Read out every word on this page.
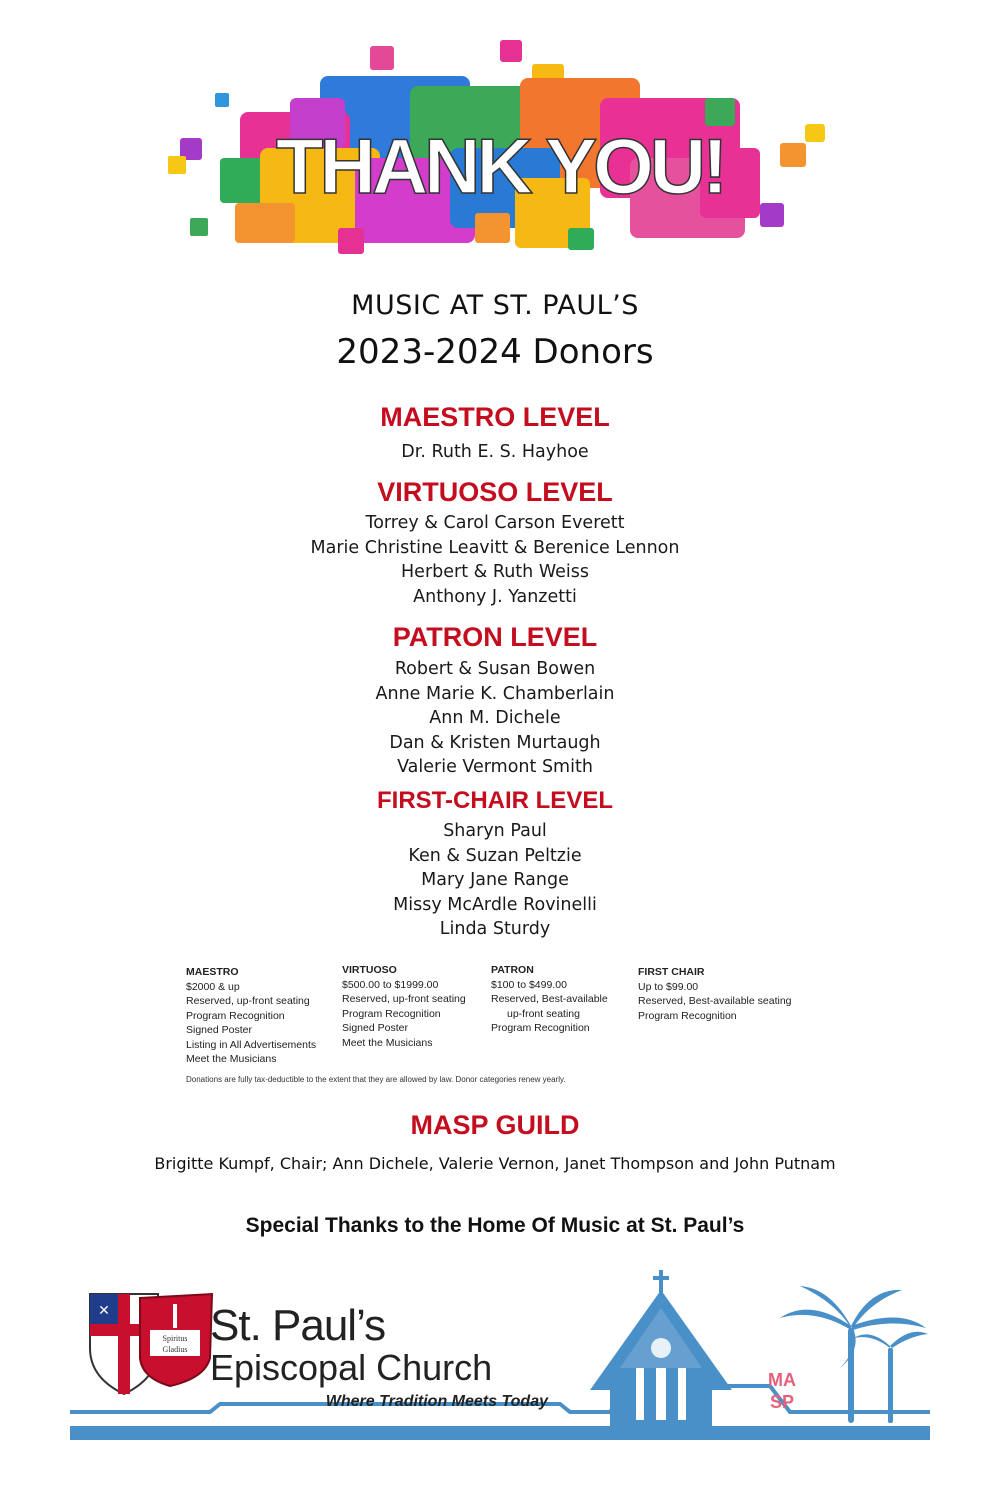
THANK YOU!
MUSIC AT ST. PAUL’S
2023-2024 Donors
MAESTRO LEVEL
Dr. Ruth E. S. Hayhoe
VIRTUOSO LEVEL
Torrey & Carol Carson Everett
Marie Christine Leavitt & Berenice Lennon
Herbert & Ruth Weiss
Anthony J. Yanzetti
PATRON LEVEL
Robert & Susan Bowen
Anne Marie K. Chamberlain
Ann M. Dichele
Dan & Kristen Murtaugh
Valerie Vermont Smith
FIRST-CHAIR LEVEL
Sharyn Paul
Ken & Suzan Peltzie
Mary Jane Range
Missy McArdle Rovinelli
Linda Sturdy
MAESTRO
$2000 & up
Reserved, up-front seating
Program Recognition
Signed Poster
Listing in All Advertisements
Meet the Musicians
VIRTUOSO
$500.00 to $1999.00
Reserved, up-front seating
Program Recognition
Signed Poster
Meet the Musicians
PATRON
$100 to $499.00
Reserved, Best-available
up-front seating
Program Recognition
FIRST CHAIR
Up to $99.00
Reserved, Best-available seating
Program Recognition
Donations are fully tax-deductible to the extent that they are allowed by law. Donor categories renew yearly.
MASP GUILD
Brigitte Kumpf, Chair; Ann Dichele, Valerie Vernon, Janet Thompson and John Putnam
Special Thanks to the Home Of Music at St. Paul’s
✕
Spiritus
Gladius St. Paul’s
Episcopal Church
Where Tradition Meets Today
MA
SP
